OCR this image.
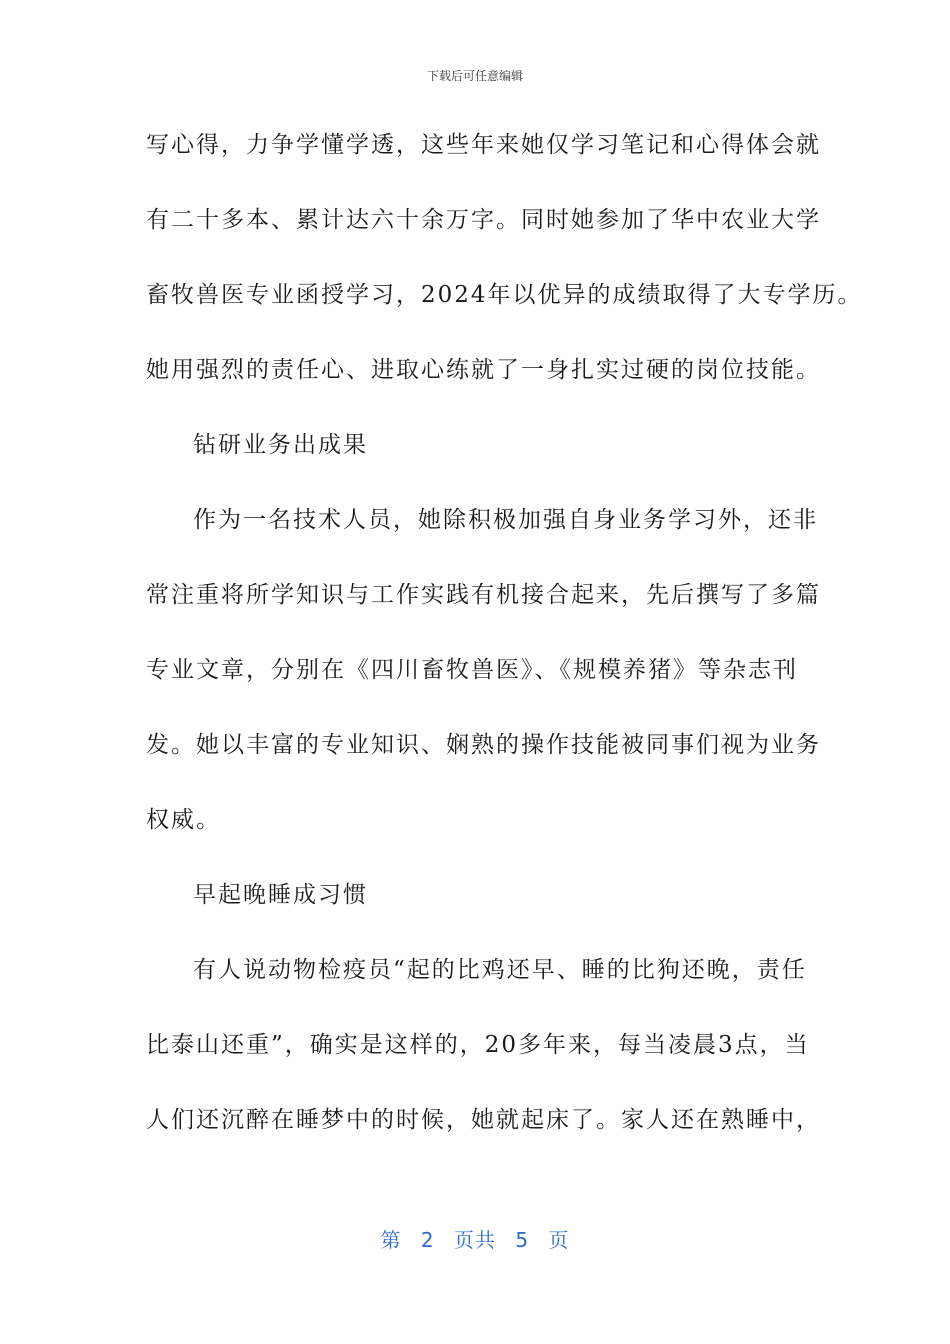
下载后可任意编辑
写心得，力争学懂学透，这些年来她仅学习笔记和心得体会就
有二十多本、累计达六十余万字。同时她参加了华中农业大学
畜牧兽医专业函授学习，2024年以优异的成绩取得了大专学历。
她用强烈的责任心、进取心练就了一身扎实过硬的岗位技能。
钻研业务出成果
作为一名技术人员，她除积极加强自身业务学习外，还非
常注重将所学知识与工作实践有机接合起来，先后撰写了多篇
专业文章，分别在《四川畜牧兽医》、《规模养猪》等杂志刊
发。她以丰富的专业知识、娴熟的操作技能被同事们视为业务
权威。
早起晚睡成习惯
有人说动物检疫员“起的比鸡还早、睡的比狗还晚，责任
比泰山还重”，确实是这样的，20多年来，每当凌晨3点，当
人们还沉醉在睡梦中的时候，她就起床了。家人还在熟睡中，
第 2 页共 5 页
